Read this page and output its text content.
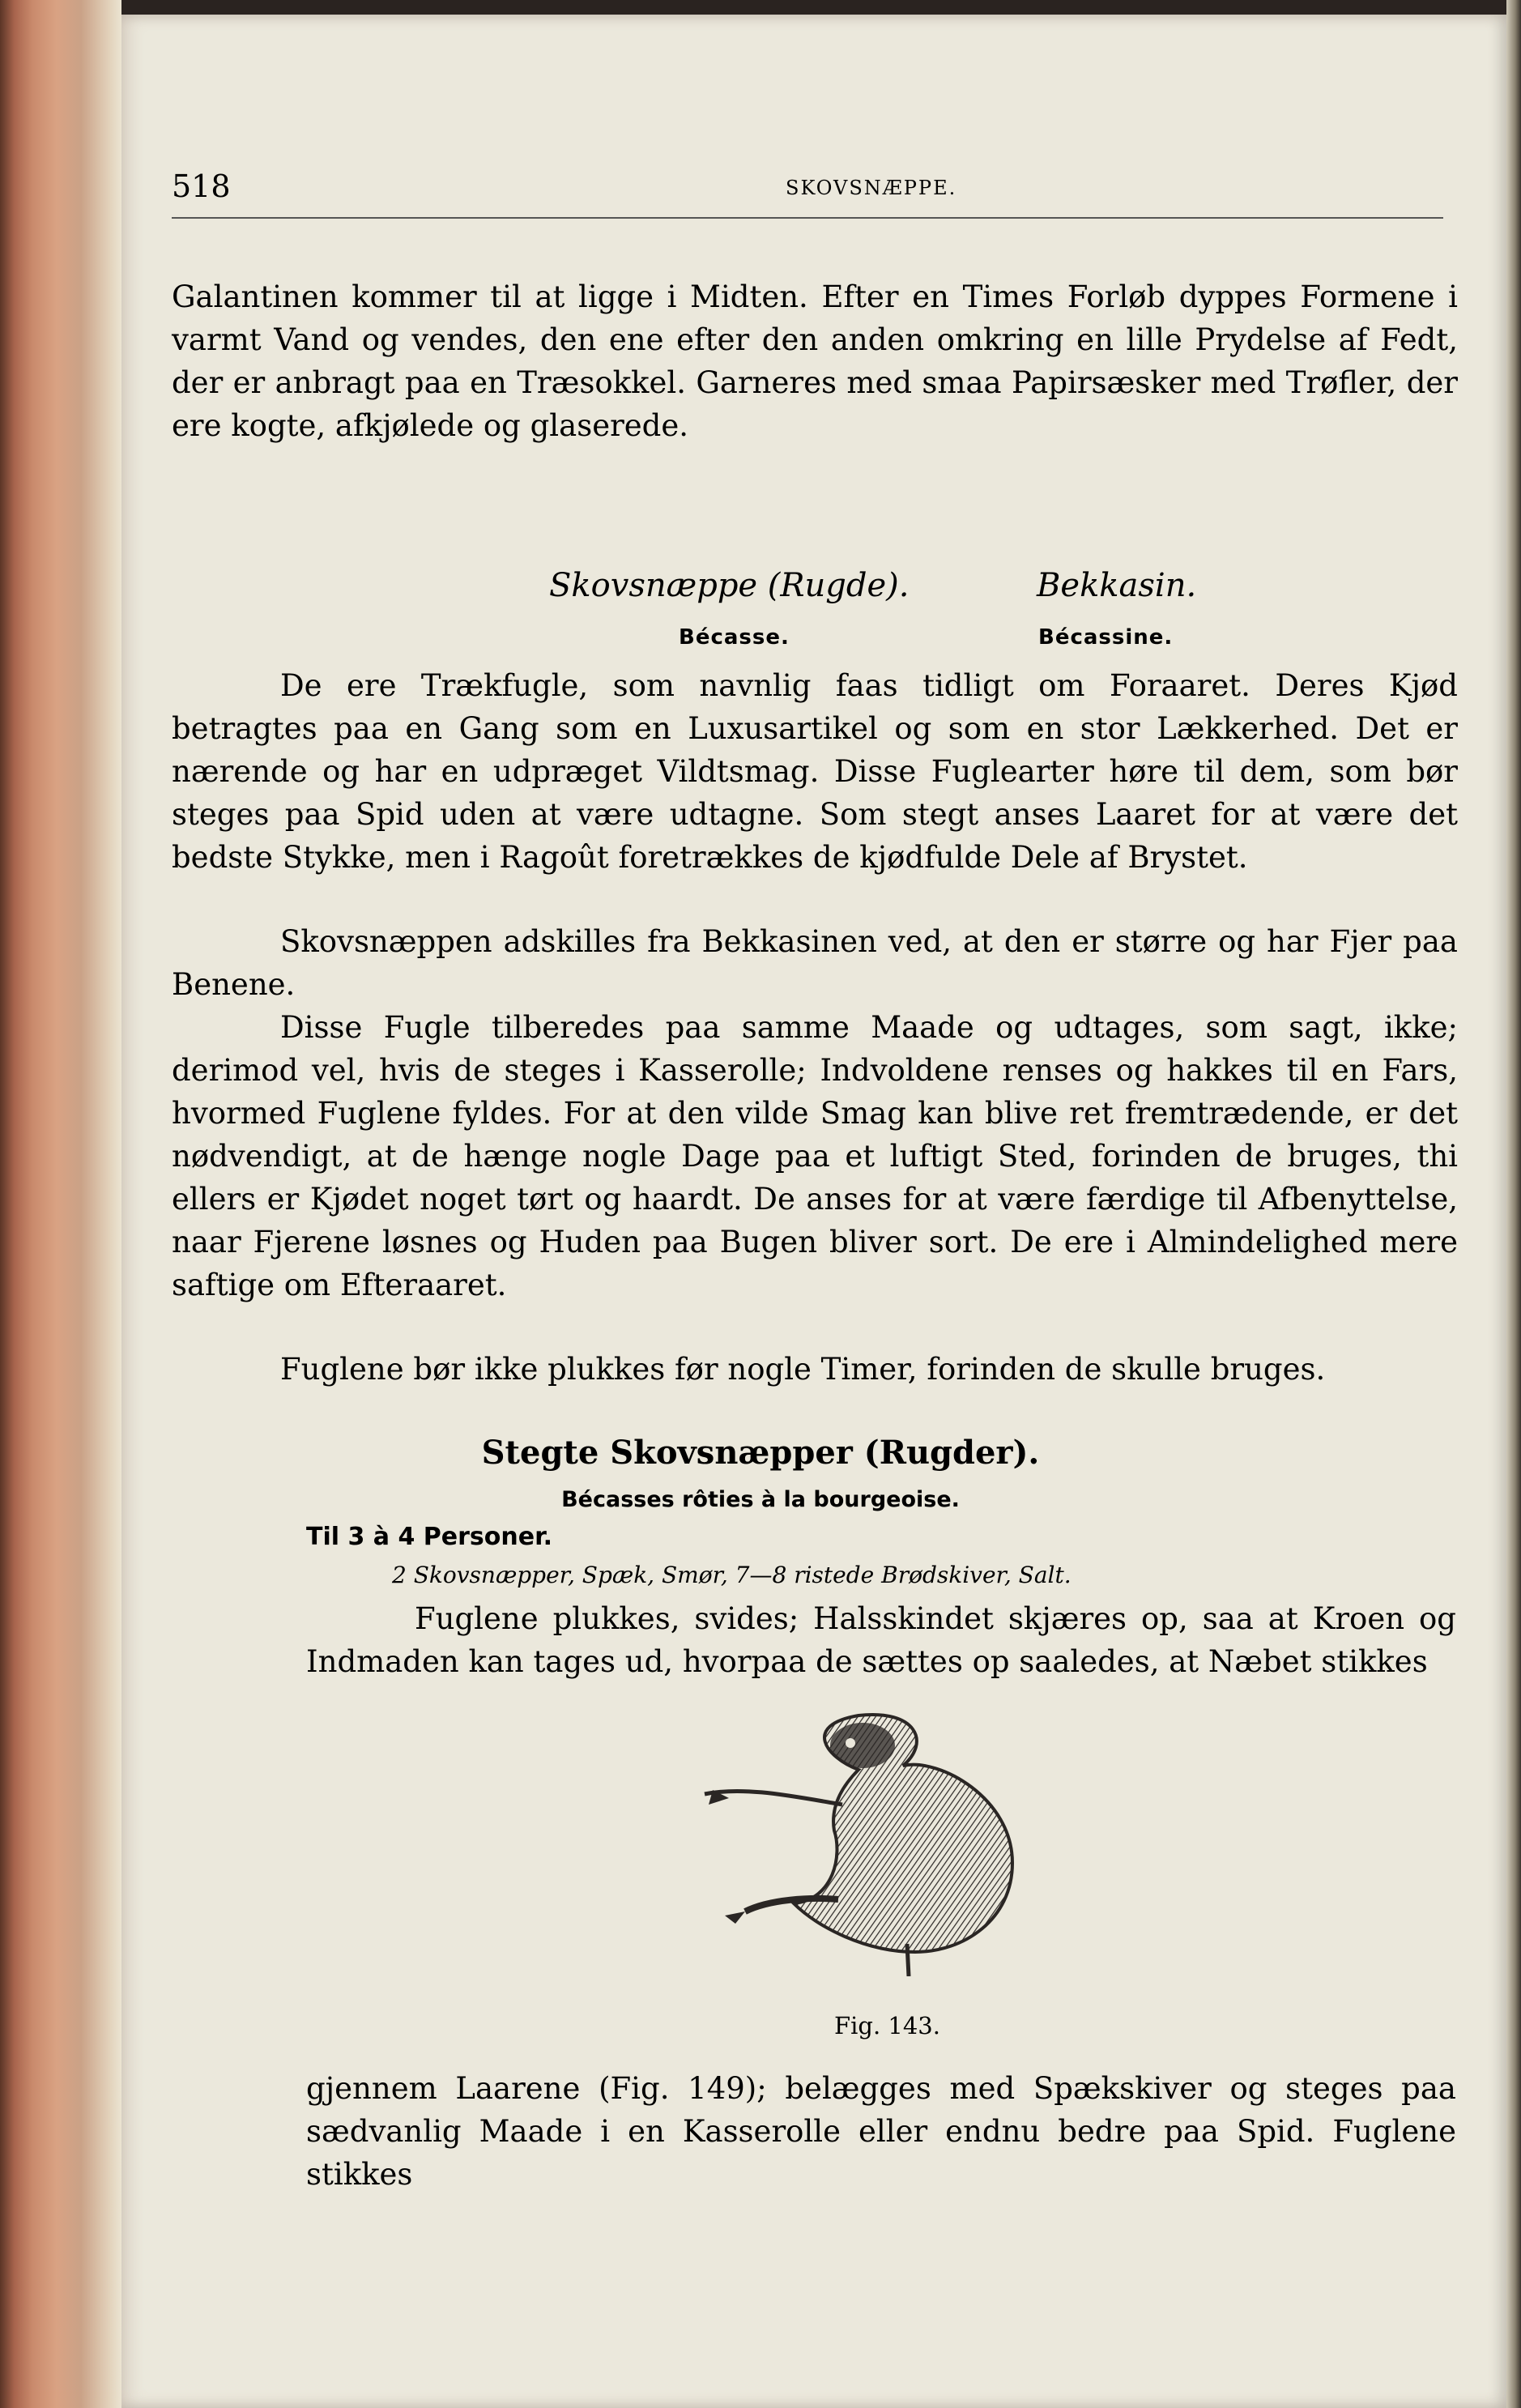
518	SKOVSNÆPPE.
Galantinen kommer til at ligge i Midten. Efter en Times Forløb dyppes Formene i varmt Vand og vendes, den ene efter den anden omkring en lille Prydelse af Fedt, der er anbragt paa en Træsokkel. Garneres med smaa Papirsæsker med Trøfler, der ere kogte, afkjølede og glaserede.
Skovsnæppe (Rugde).	Bekkasin.
Bécasse.	Bécassine.
De ere Trækfugle, som navnlig faas tidligt om Foraaret. Deres Kjød betragtes paa en Gang som en Luxusartikel og som en stor Lækkerhed. Det er nærende og har en udpræget Vildtsmag. Disse Fuglearter høre til dem, som bør steges paa Spid uden at være udtagne. Som stegt anses Laaret for at være det bedste Stykke, men i Ragoût foretrækkes de kjødfulde Dele af Brystet.
Skovsnæppen adskilles fra Bekkasinen ved, at den er større og har Fjer paa Benene.
Disse Fugle tilberedes paa samme Maade og udtages, som sagt, ikke; derimod vel, hvis de steges i Kasserolle; Indvoldene renses og hakkes til en Fars, hvormed Fuglene fyldes. For at den vilde Smag kan blive ret fremtrædende, er det nødvendigt, at de hænge nogle Dage paa et luftigt Sted, forinden de bruges, thi ellers er Kjødet noget tørt og haardt. De anses for at være færdige til Afbenyttelse, naar Fjerene løsnes og Huden paa Bugen bliver sort. De ere i Almindelighed mere saftige om Efteraaret.
Fuglene bør ikke plukkes før nogle Timer, forinden de skulle bruges.
Stegte Skovsnæpper (Rugder).
Bécasses rôties à la bourgeoise.
Til 3 à 4 Personer.
2 Skovsnæpper, Spæk, Smør, 7—8 ristede Brødskiver, Salt.
Fuglene plukkes, svides; Halsskindet skjæres op, saa at Kroen og Indmaden kan tages ud, hvorpaa de sættes op saaledes, at Næbet stikkes
Fig. 143.
gjennem Laarene (Fig. 149); belægges med Spækskiver og steges paa sædvanlig Maade i en Kasserolle eller endnu bedre paa Spid. Fuglene stikkes
